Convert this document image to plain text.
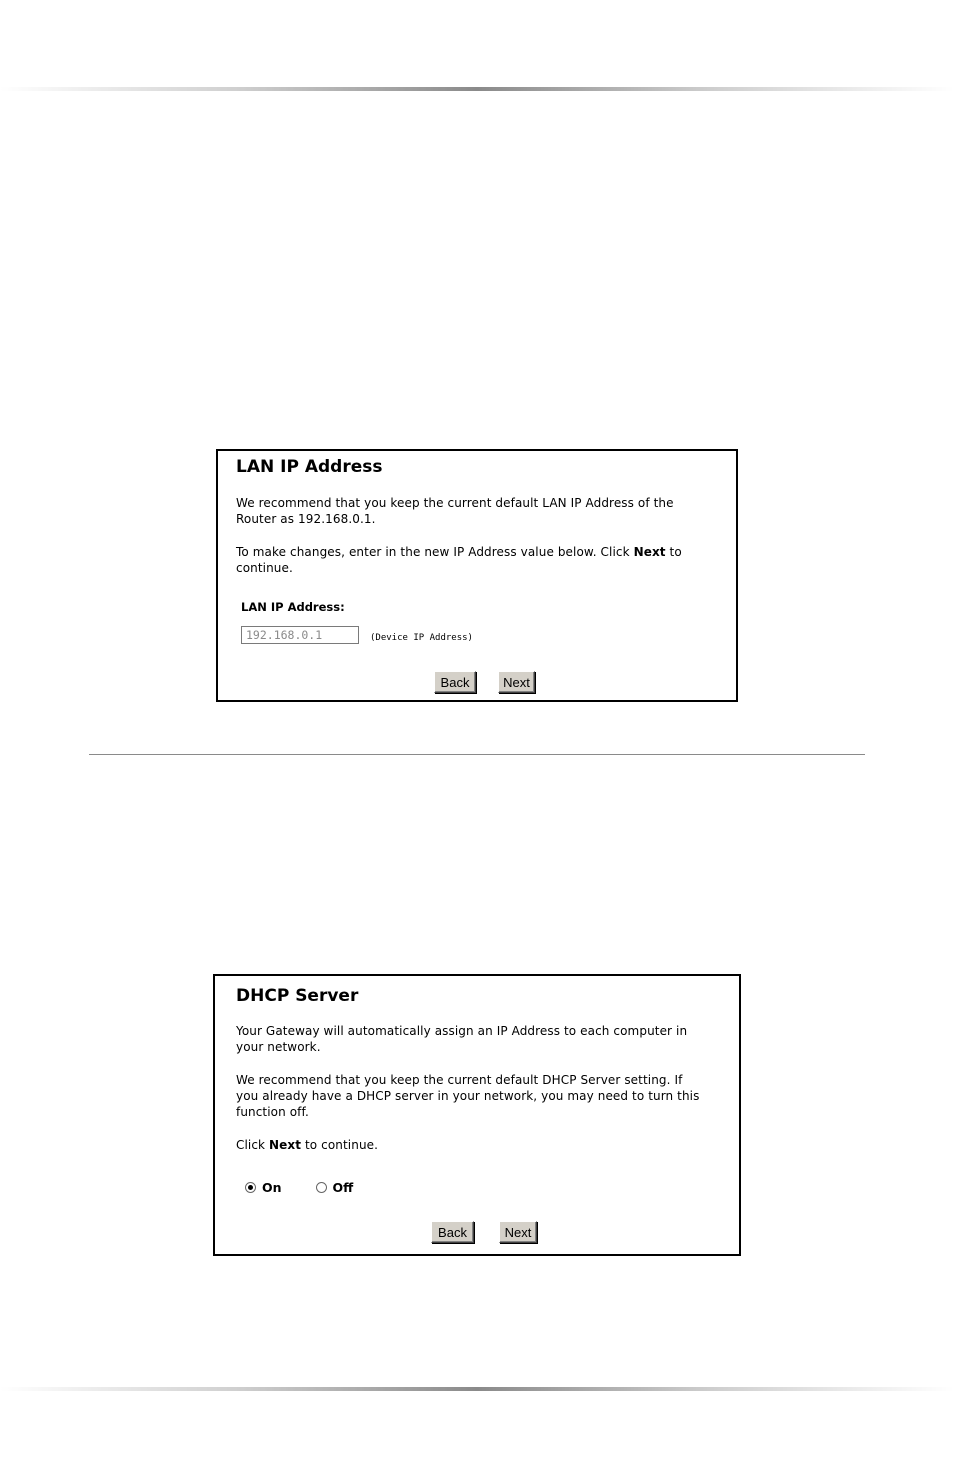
LAN IP Address

We recommend that you keep the current default LAN IP Address of the
Router as 192.168.0.1.

To make changes, enter in the new IP Address value below. Click Next to
continue.

LAN IP Address:
192.168.0.1
(Device IP Address)
Back	Next
DHCP Server

Your Gateway will automatically assign an IP Address to each computer in
your network.

We recommend that you keep the current default DHCP Server setting. If
you already have a DHCP server in your network, you may need to turn this
function off.

Click Next to continue.

$^{On}$	$^{Off}$
Back	Next
